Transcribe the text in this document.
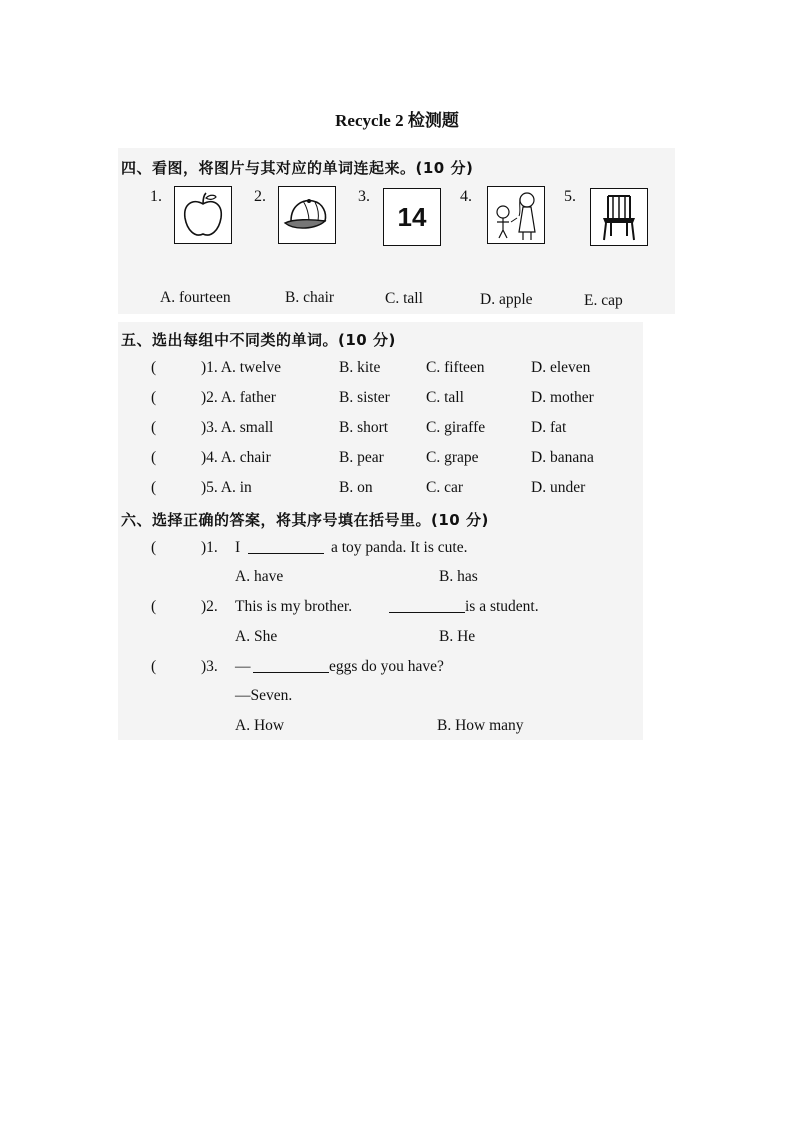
Recycle 2 检测题
四、看图，将图片与其对应的单词连起来。(10 分)
1.	2.	3.
14
4.	5.
A. fourteen	B. chair	C. tall	D. apple	E. cap
五、选出每组中不同类的单词。(10 分)
(	)1. A. twelve	B. kite	C. fifteen	D. eleven
(	)2. A. father	B. sister C. tall	D. mother
(	)3. A. small	B. short C. giraffe	D. fat
(	)4. A. chair	B. pear	C. grape	D. banana
(	)5. A. in	B. on	C. car	D. under
六、选择正确的答案，将其序号填在括号里。(10 分)
(	)1. I	a toy panda. It is cute.
A. have	B. has
(	)2. This is my brother.	is a student.
A. She	B. He
(	)3. —	eggs do you have?
—Seven.
A. How	B. How many
